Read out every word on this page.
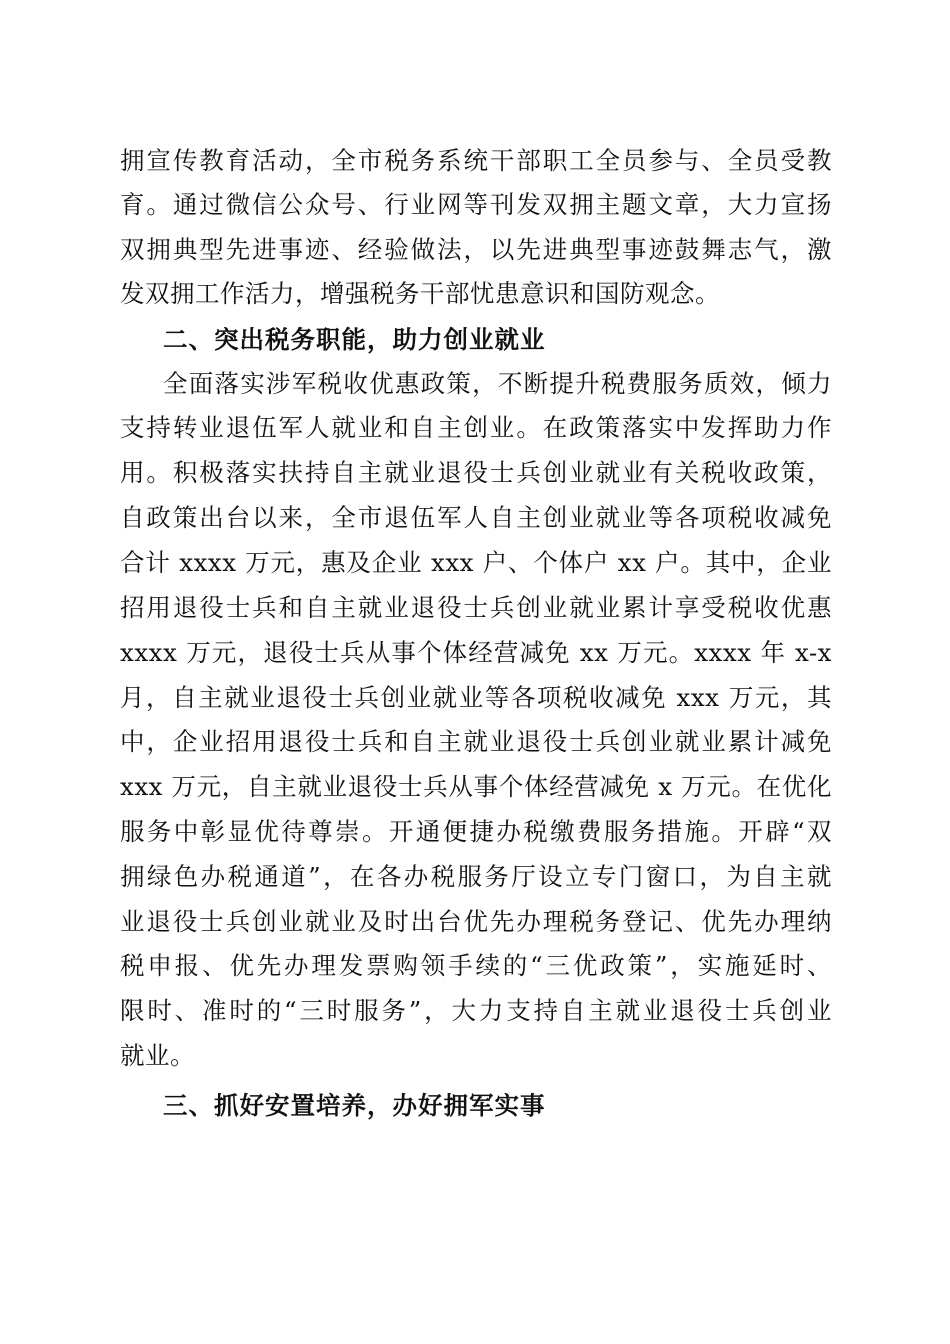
拥宣传教育活动，全市税务系统干部职工全员参与、全员受教
育。通过微信公众号、行业网等刊发双拥主题文章，大力宣扬
双拥典型先进事迹、经验做法，以先进典型事迹鼓舞志气，激
发双拥工作活力，增强税务干部忧患意识和国防观念。
二、突出税务职能，助力创业就业
全面落实涉军税收优惠政策，不断提升税费服务质效，倾力
支持转业退伍军人就业和自主创业。在政策落实中发挥助力作
用。积极落实扶持自主就业退役士兵创业就业有关税收政策，
自政策出台以来，全市退伍军人自主创业就业等各项税收减免
合计 xxxx 万元，惠及企业 xxx 户、个体户 xx 户。其中，企业
招用退役士兵和自主就业退役士兵创业就业累计享受税收优惠
xxxx 万元，退役士兵从事个体经营减免 xx 万元。xxxx 年 x-x
月，自主就业退役士兵创业就业等各项税收减免 xxx 万元，其
中，企业招用退役士兵和自主就业退役士兵创业就业累计减免
xxx 万元，自主就业退役士兵从事个体经营减免 x 万元。在优化
服务中彰显优待尊崇。开通便捷办税缴费服务措施。开辟“双
拥绿色办税通道”，在各办税服务厅设立专门窗口，为自主就
业退役士兵创业就业及时出台优先办理税务登记、优先办理纳
税申报、优先办理发票购领手续的“三优政策”，实施延时、
限时、准时的“三时服务”，大力支持自主就业退役士兵创业
就业。
三、抓好安置培养，办好拥军实事
